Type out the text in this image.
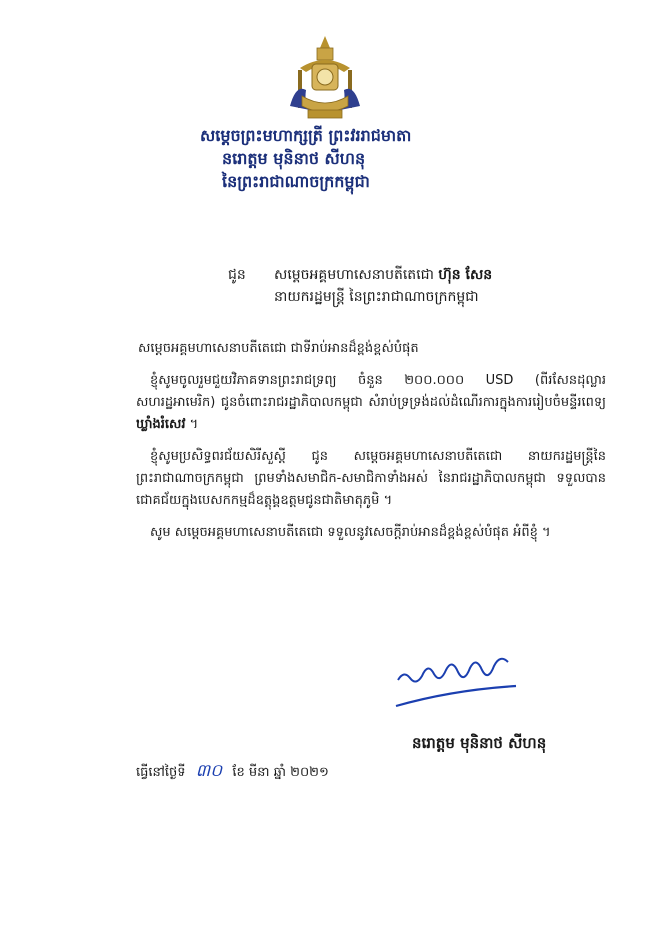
សម្តេចព្រះមហាក្សត្រី ព្រះវររាជមាតា
នរោត្តម មុនិនាថ សីហនុ
នៃព្រះរាជាណាចក្រកម្ពុជា
ជូន សម្តេចអគ្គមហាសេនាបតីតេជោ ហ៊ុន សែន
នាយករដ្ឋមន្ត្រី នៃព្រះរាជាណាចក្រកម្ពុជា
សម្តេចអគ្គមហាសេនាបតីតេជោ ជាទីរាប់អានដ៏ខ្ពង់ខ្ពស់បំផុត

ខ្ញុំសូមចូលរួមជួយវិភាគទានព្រះរាជទ្រព្យ ចំនួន ២០០.០០០ USD (ពីរសែនដុល្លារសហរដ្ឋអាមេរិក) ជូនចំពោះរាជរដ្ឋាភិបាលកម្ពុជា សំរាប់ទ្រទ្រង់ដល់ដំណើរការក្នុងការរៀបចំមន្ទីរពេទ្យ ឃ្លាំងរំសេវ ។

ខ្ញុំសូមប្រសិទ្ធពរជ័យសិរីសួស្តី ជូន សម្តេចអគ្គមហាសេនាបតីតេជោ នាយករដ្ឋមន្ត្រីនៃព្រះរាជាណាចក្រកម្ពុជា ព្រមទាំងសមាជិក-សមាជិកាទាំងអស់ នៃរាជរដ្ឋាភិបាលកម្ពុជា ទទួលបានជោគជ័យក្នុងបេសកកម្មដ៏ឧត្តុង្គឧត្តមជូនជាតិមាតុភូមិ ។

សូម សម្តេចអគ្គមហាសេនាបតីតេជោ ទទួលនូវសេចក្តីរាប់អានដ៏ខ្ពង់ខ្ពស់បំផុត អំពីខ្ញុំ ។

នរោត្តម មុនិនាថ សីហនុ
ធ្វើនៅថ្ងៃទី ៣០ ខែ មីនា ឆ្នាំ ២០២១
